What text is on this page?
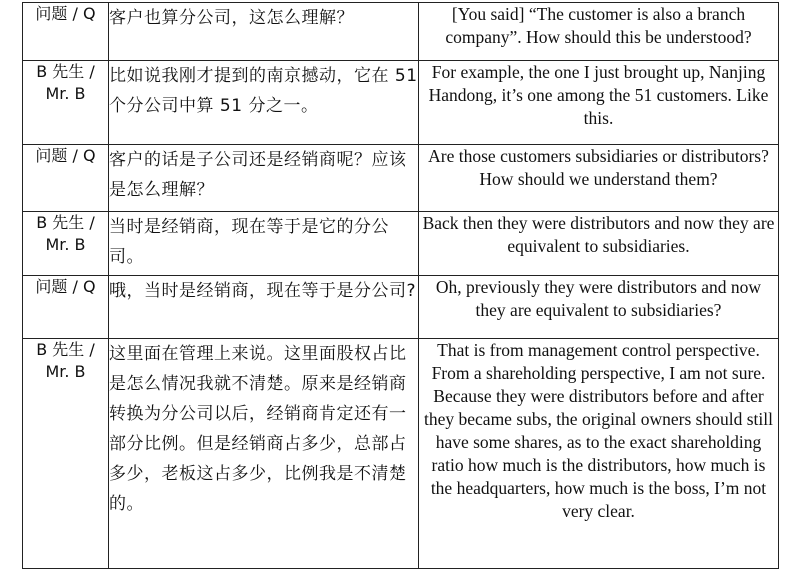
问题 / Q	客户也算分公司，这怎么理解？	[You said] “The customer is also a branch company”. How should this be understood?
B 先生 / Mr. B	比如说我刚才提到的南京撼动，它在 51 个分公司中算 51 分之一。	For example, the one I just brought up, Nanjing Handong, it’s one among the 51 customers. Like this.
问题 / Q	客户的话是子公司还是经销商呢？应该是怎么理解？	Are those customers subsidiaries or distributors? How should we understand them?
B 先生 / Mr. B	当时是经销商，现在等于是它的分公司。	Back then they were distributors and now they are equivalent to subsidiaries.
问题 / Q	哦，当时是经销商，现在等于是分公司?	Oh, previously they were distributors and now they are equivalent to subsidiaries?
B 先生 / Mr. B	这里面在管理上来说。这里面股权占比是怎么情况我就不清楚。原来是经销商转换为分公司以后，经销商肯定还有一部分比例。但是经销商占多少，总部占多少，老板这占多少，比例我是不清楚的。	That is from management control perspective. From a shareholding perspective, I am not sure. Because they were distributors before and after they became subs, the original owners should still have some shares, as to the exact shareholding ratio how much is the distributors, how much is the headquarters, how much is the boss, I’m not very clear.
